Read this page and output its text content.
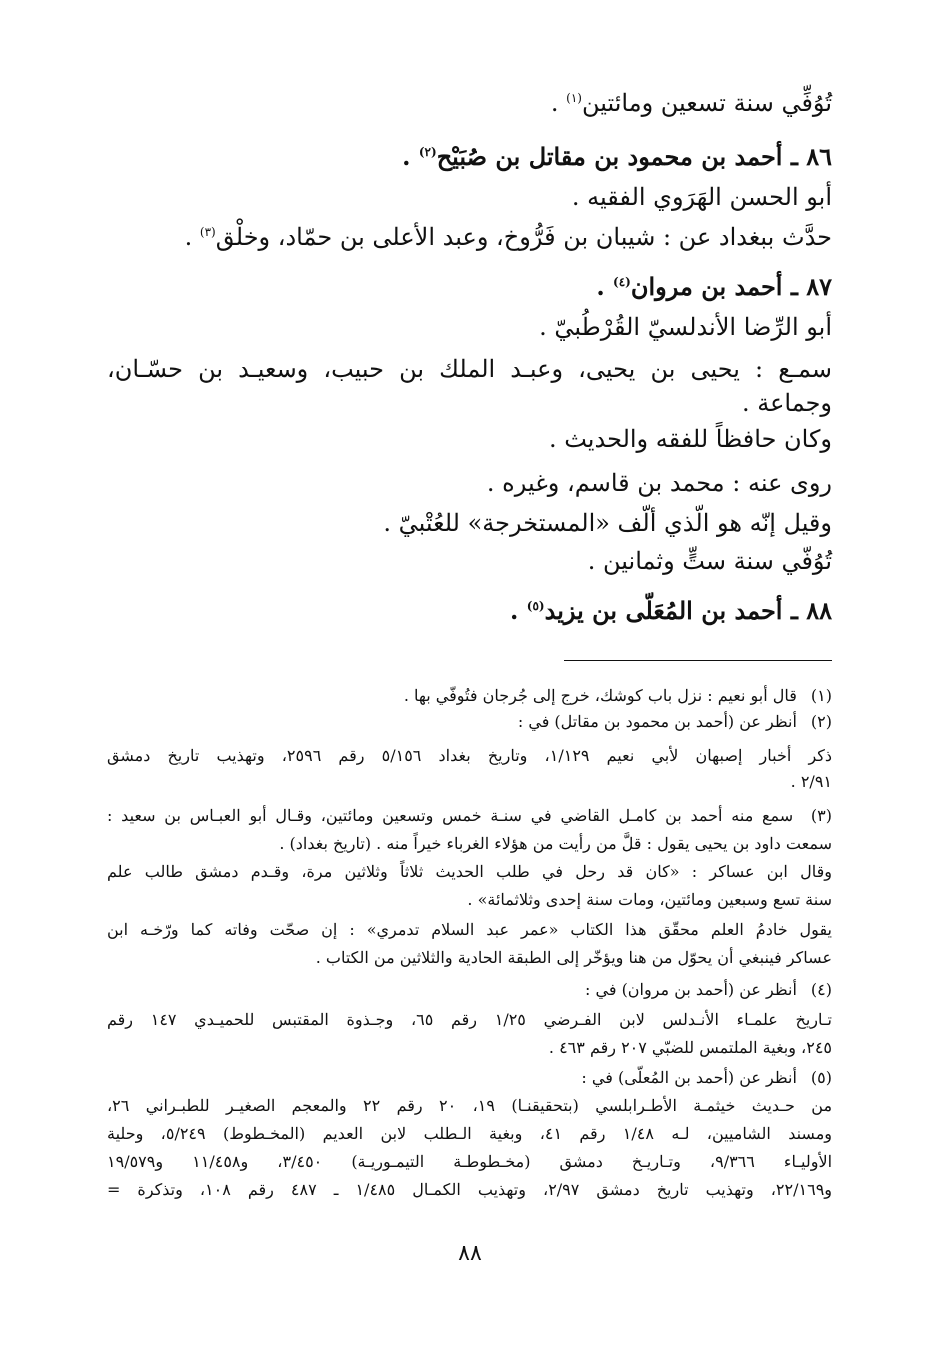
تُوُفِّي سنة تسعين ومائتين$^{(١)}$ .
٨٦ ـ أحمد بن محمود بن مقاتل بن صُبَيْح$^{(٢)}$ .
أبو الحسن الهَرَوي الفقيه .
حدَّث ببغداد عن : شيبان بن فَرُّوخ، وعبد الأعلى بن حمّاد، وخلْق$^{(٣)}$ .
٨٧ ـ أحمد بن مروان$^{(٤)}$ .
أبو الرِّضا الأندلسيّ القُرْطُبيّ .
سمـع : يحيى بن يحيى، وعبـد الملك بن حبيب، وسعيـد بن حسّـان،
وجماعة .
وكان حافظاً للفقه والحديث .
روى عنه : محمد بن قاسم، وغيره .
وقيل إنّه هو الّذي ألّف «المستخرجة» للعُتْبيّ .
تُوُفّي سنة ستٍّ وثمانين .
٨٨ ـ أحمد بن المُعَلّى بن يزيد$^{(٥)}$ .
(١) قال أبو نعيم : نزل باب كوشك، خرج إلى جُرجان فتُوفّي بها .
(٢) أنظر عن (أحمد بن محمود بن مقاتل) في :
ذكر أخبار إصبهان لأبي نعيم ١/١٢٩، وتاريخ بغداد ٥/١٥٦ رقم ٢٥٩٦، وتهذيب تاريخ دمشق
٢/٩١ .
(٣) سمع منه أحمد بن كامـل القاضي في سنـة خمس وتسعين ومائتين، وقـال أبو العبـاس بن سعيد :
سمعت داود بن يحيى يقول : قلَّ من رأيت من هؤلاء الغرباء خيراً منه . (تاريخ بغداد) .
وقال ابن عساكر : «كان قد رحل في طلب الحديث ثلاثاً وثلاثين مرة، وقـدم دمشق طالب علم
سنة تسع وسبعين ومائتين، ومات سنة إحدى وثلاثمائة» .
يقول خادمُ العلم محقّق هذا الكتاب «عمر عبد السلام تدمري» : إن صحّت وفاته كما ورّخـه ابن
عساكر فينبغي أن يحوّل من هنا ويؤخّر إلى الطبقة الحادية والثلاثين من الكتاب .
(٤) أنظر عن (أحمد بن مروان) في :
تـاريخ علمـاء الأنـدلس لابن الفـرضي ١/٢٥ رقم ٦٥، وجـذوة المقتبس للحميـدي ١٤٧ رقم
٢٤٥، وبغية الملتمس للضبّي ٢٠٧ رقم ٤٦٣ .
(٥) أنظر عن (أحمد بن المُعلّى) في :
من حـديث خيثمـة الأطـرابلسي (بتحقيقنـا) ١٩، ٢٠ رقم ٢٢ والمعجم الصغيـر للطبـراني ٢٦،
ومسند الشاميين، لـه ١/٤٨ رقم ٤١، وبغية الـطلب لابن العديم (المخـطوط) ٥/٢٤٩، وحلية
الأوليـاء ٩/٣٦٦، وتـاريـخ دمشق (مخـطوطـة التيمـوريـة) ٣/٤٥٠، و١١/٤٥٨ و١٩/٥٧٩
و٢٢/١٦٩، وتهذيب تاريخ دمشق ٢/٩٧، وتهذيب الكمـال ١/٤٨٥ ـ ٤٨٧ رقم ١٠٨، وتذكرة =
٨٨
